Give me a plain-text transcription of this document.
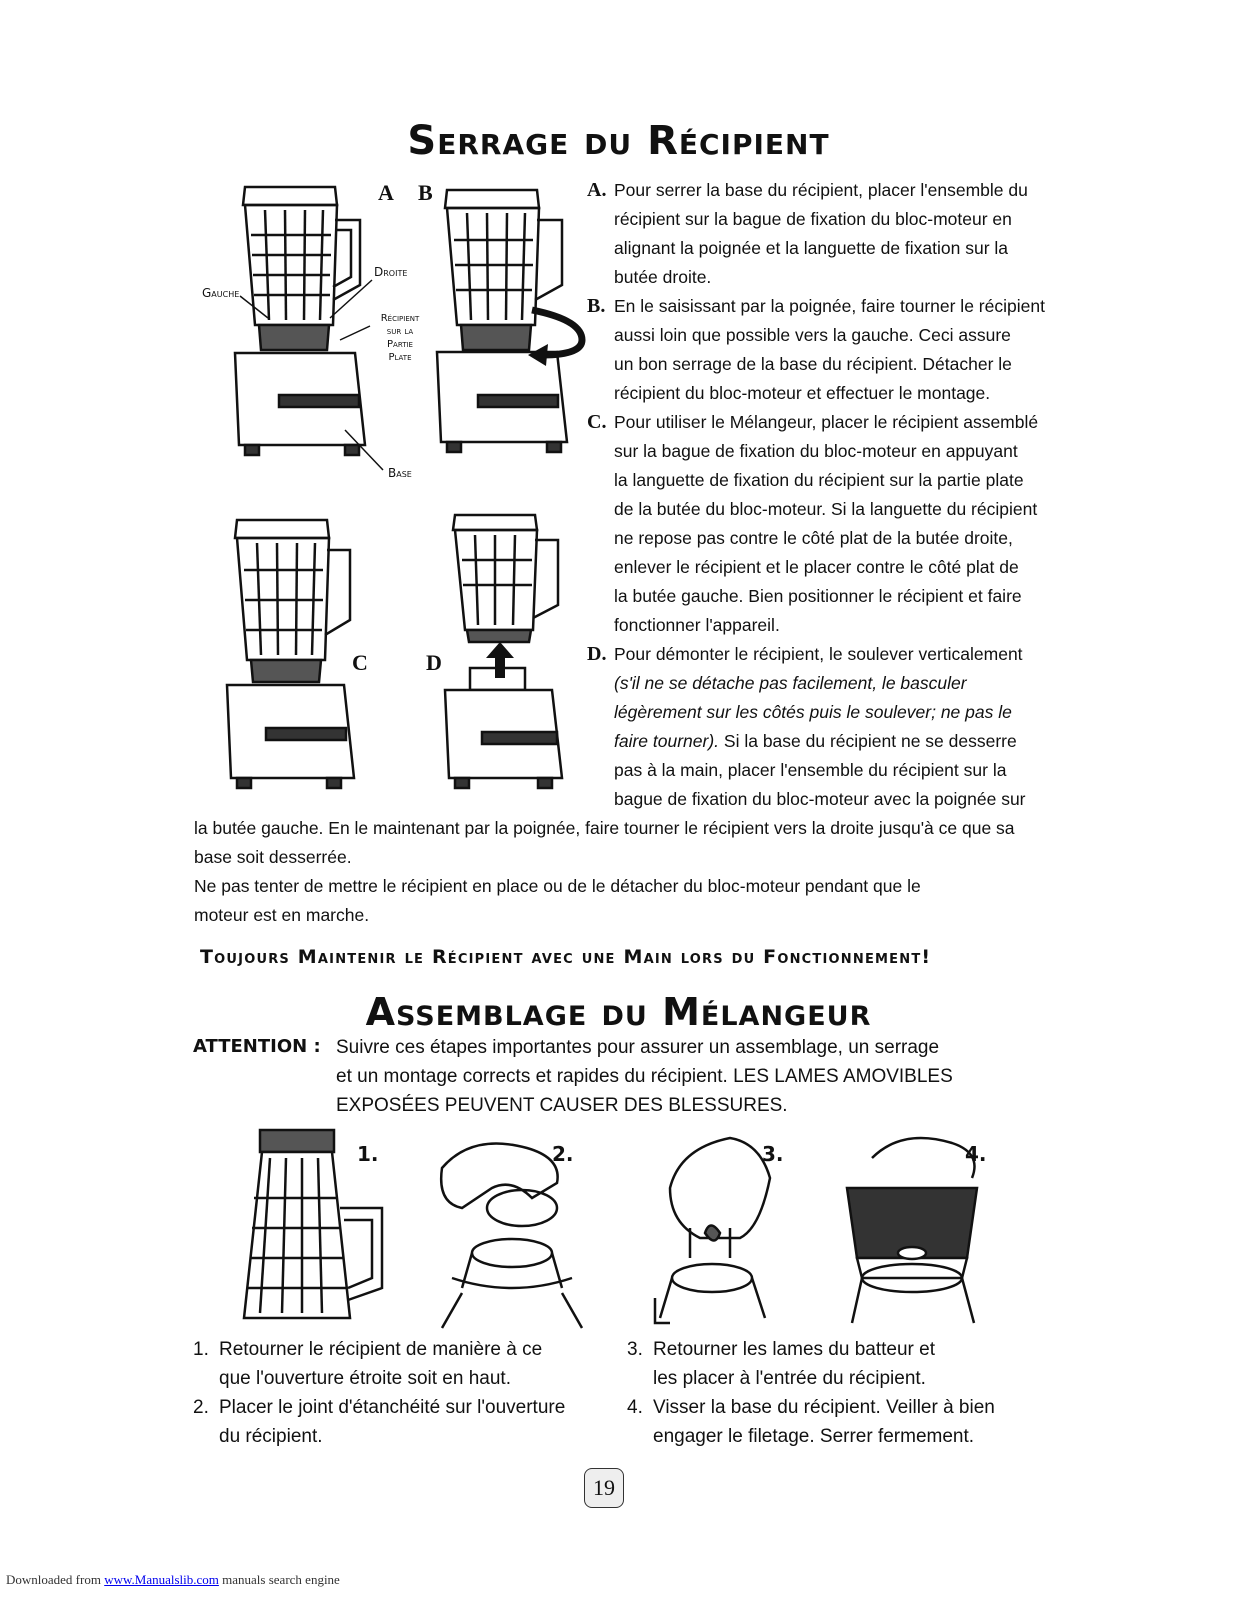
Serrage du Récipient
A B
C	D
Droite
Gauche
Récipient
sur la
Partie
Plate
Base
A. Pour serrer la base du récipient, placer l'ensemble du
récipient sur la bague de fixation du bloc-moteur en
alignant la poignée et la languette de fixation sur la
butée droite.
B. En le saisissant par la poignée, faire tourner le récipient
aussi loin que possible vers la gauche. Ceci assure
un bon serrage de la base du récipient. Détacher le
récipient du bloc-moteur et effectuer le montage.
C. Pour utiliser le Mélangeur, placer le récipient assemblé
sur la bague de fixation du bloc-moteur en appuyant
la languette de fixation du récipient sur la partie plate
de la butée du bloc-moteur. Si la languette du récipient
ne repose pas contre le côté plat de la butée droite,
enlever le récipient et le placer contre le côté plat de
la butée gauche. Bien positionner le récipient et faire
fonctionner l'appareil.
D. Pour démonter le récipient, le soulever verticalement
(s'il ne se détache pas facilement, le basculer
légèrement sur les côtés puis le soulever; ne pas le
faire tourner). Si la base du récipient ne se desserre
pas à la main, placer l'ensemble du récipient sur la
bague de fixation du bloc-moteur avec la poignée sur
la butée gauche. En le maintenant par la poignée, faire tourner le récipient vers la droite jusqu'à ce que sa
base soit desserrée.
Ne pas tenter de mettre le récipient en place ou de le détacher du bloc-moteur pendant que le
moteur est en marche.
Toujours Maintenir le Récipient avec une Main lors du Fonctionnement!
Assemblage du Mélangeur
ATTENTION : Suivre ces étapes importantes pour assurer un assemblage, un serrage
et un montage corrects et rapides du récipient. LES LAMES AMOVIBLES
EXPOSÉES PEUVENT CAUSER DES BLESSURES.
1.	2.	3.	4.
1. Retourner le récipient de manière à ce
que l'ouverture étroite soit en haut.
2. Placer le joint d'étanchéité sur l'ouverture
du récipient.
3. Retourner les lames du batteur et
les placer à l'entrée du récipient.
4. Visser la base du récipient. Veiller à bien
engager le filetage. Serrer fermement.
19
Downloaded from www.Manualslib.com manuals search engine
